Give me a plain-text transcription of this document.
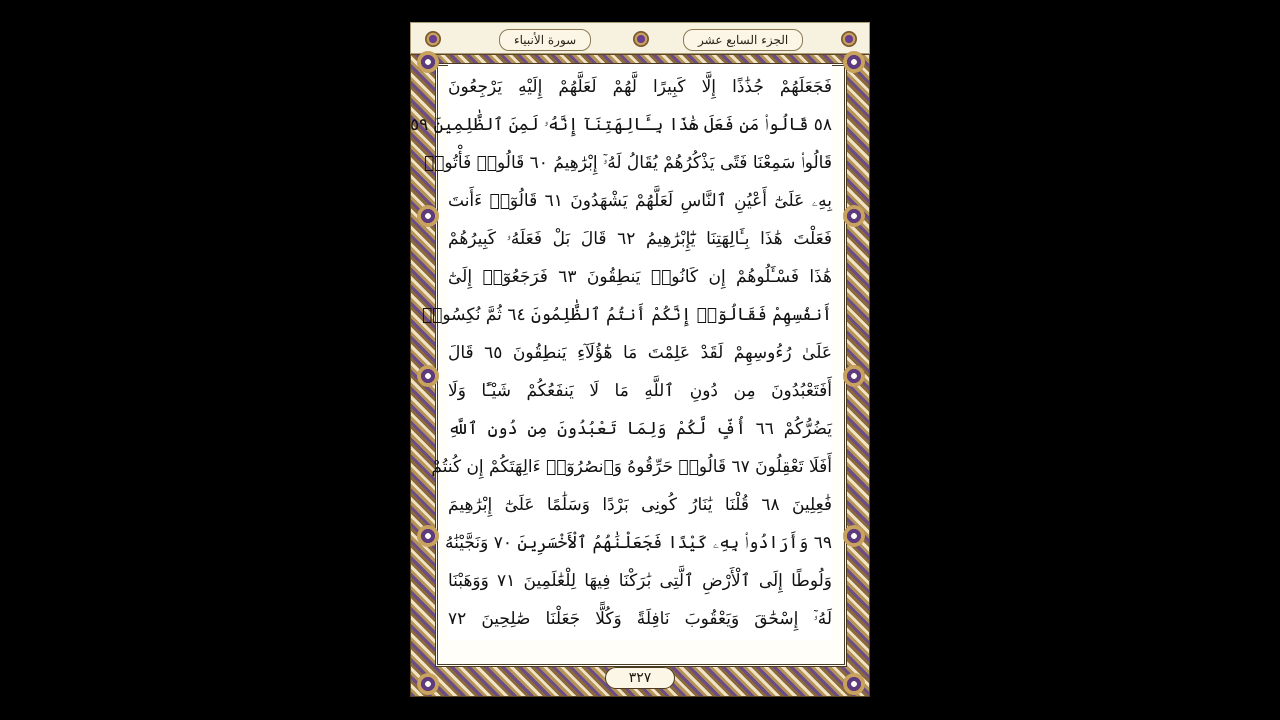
سورة الأنبياء	الجزء السابع عشر
فَجَعَلَهُمْ جُذَٰذًا إِلَّا كَبِيرًا لَّهُمْ لَعَلَّهُمْ إِلَيْهِ يَرْجِعُونَ
٥٨ قَالُوا۟ مَن فَعَلَ هَٰذَا بِـَٔالِهَتِنَآ إِنَّهُۥ لَمِنَ ٱلظَّٰلِمِينَ ٥٩
قَالُوا۟ سَمِعْنَا فَتًى يَذْكُرُهُمْ يُقَالُ لَهُۥٓ إِبْرَٰهِيمُ ٦٠ قَالُوا۟ فَأْتُوا۟
بِهِۦ عَلَىٰٓ أَعْيُنِ ٱلنَّاسِ لَعَلَّهُمْ يَشْهَدُونَ ٦١ قَالُوٓا۟ ءَأَنتَ
فَعَلْتَ هَٰذَا بِـَٔالِهَتِنَا يَٰٓإِبْرَٰهِيمُ ٦٢ قَالَ بَلْ فَعَلَهُۥ كَبِيرُهُمْ
هَٰذَا فَسْـَٔلُوهُمْ إِن كَانُوا۟ يَنطِقُونَ ٦٣ فَرَجَعُوٓا۟ إِلَىٰٓ
أَنفُسِهِمْ فَقَالُوٓا۟ إِنَّكُمْ أَنتُمُ ٱلظَّٰلِمُونَ ٦٤ ثُمَّ نُكِسُوا۟
عَلَىٰ رُءُوسِهِمْ لَقَدْ عَلِمْتَ مَا هَٰٓؤُلَآءِ يَنطِقُونَ ٦٥ قَالَ
أَفَتَعْبُدُونَ مِن دُونِ ٱللَّهِ مَا لَا يَنفَعُكُمْ شَيْـًٔا وَلَا
يَضُرُّكُمْ ٦٦ أُفٍّ لَّكُمْ وَلِمَا تَعْبُدُونَ مِن دُونِ ٱللَّهِ
أَفَلَا تَعْقِلُونَ ٦٧ قَالُوا۟ حَرِّقُوهُ وَٱنصُرُوٓا۟ ءَالِهَتَكُمْ إِن كُنتُمْ
فَٰعِلِينَ ٦٨ قُلْنَا يَٰنَارُ كُونِى بَرْدًا وَسَلَٰمًا عَلَىٰٓ إِبْرَٰهِيمَ
٦٩ وَأَرَادُوا۟ بِهِۦ كَيْدًا فَجَعَلْنَٰهُمُ ٱلْأَخْسَرِينَ ٧٠ وَنَجَّيْنَٰهُ
وَلُوطًا إِلَى ٱلْأَرْضِ ٱلَّتِى بَٰرَكْنَا فِيهَا لِلْعَٰلَمِينَ ٧١ وَوَهَبْنَا
لَهُۥٓ إِسْحَٰقَ وَيَعْقُوبَ نَافِلَةً وَكُلًّا جَعَلْنَا صَٰلِحِينَ ٧٢
٣٢٧
